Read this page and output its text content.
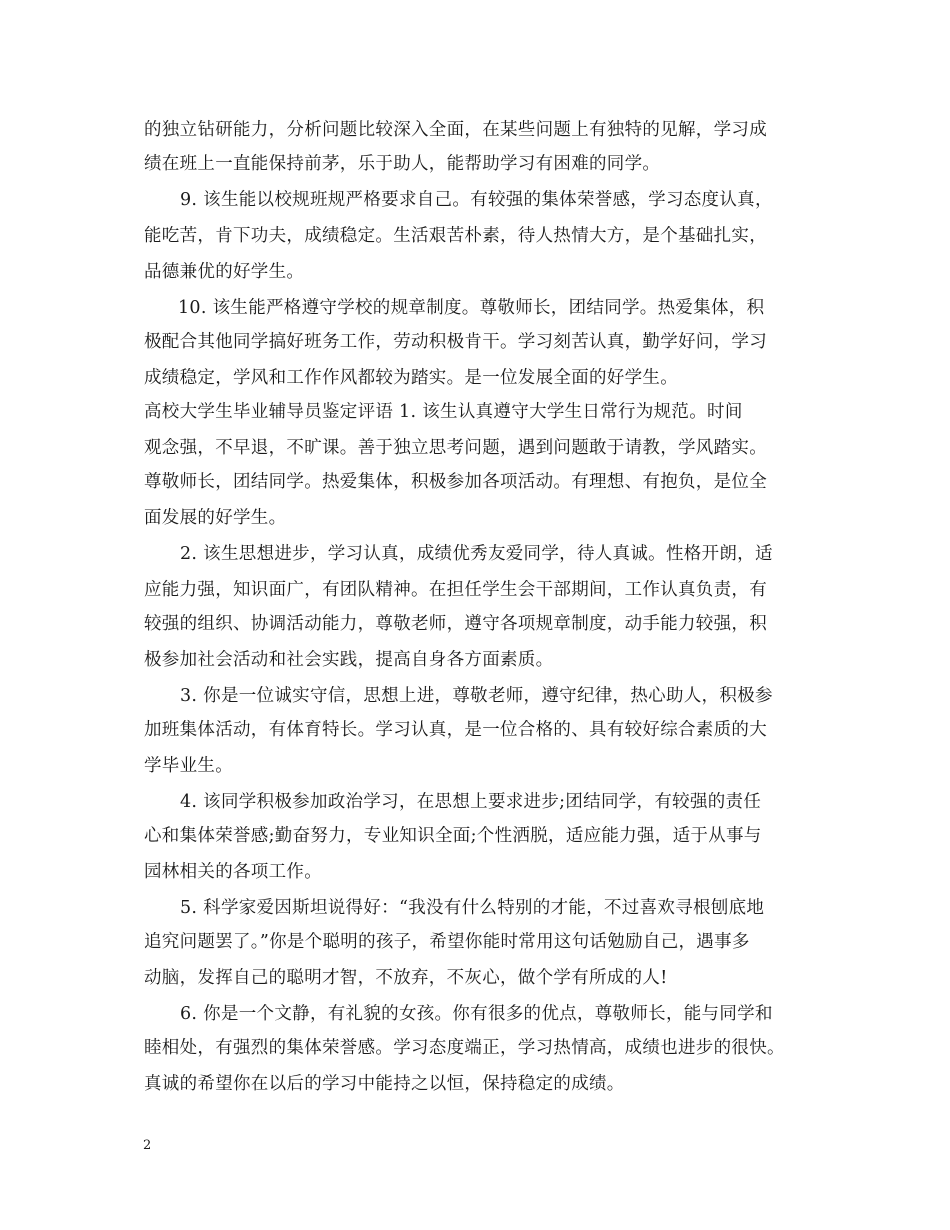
的独立钻研能力，分析问题比较深入全面，在某些问题上有独特的见解，学习成
绩在班上一直能保持前茅，乐于助人，能帮助学习有困难的同学。
9. 该生能以校规班规严格要求自己。有较强的集体荣誉感，学习态度认真，
能吃苦，肯下功夫，成绩稳定。生活艰苦朴素，待人热情大方，是个基础扎实，
品德兼优的好学生。
10. 该生能严格遵守学校的规章制度。尊敬师长，团结同学。热爱集体，积
极配合其他同学搞好班务工作，劳动积极肯干。学习刻苦认真，勤学好问，学习
成绩稳定，学风和工作作风都较为踏实。是一位发展全面的好学生。
高校大学生毕业辅导员鉴定评语 1. 该生认真遵守大学生日常行为规范。时间
观念强，不早退，不旷课。善于独立思考问题，遇到问题敢于请教，学风踏实。
尊敬师长，团结同学。热爱集体，积极参加各项活动。有理想、有抱负，是位全
面发展的好学生。
2. 该生思想进步，学习认真，成绩优秀友爱同学，待人真诚。性格开朗，适
应能力强，知识面广，有团队精神。在担任学生会干部期间，工作认真负责，有
较强的组织、协调活动能力，尊敬老师，遵守各项规章制度，动手能力较强，积
极参加社会活动和社会实践，提高自身各方面素质。
3. 你是一位诚实守信，思想上进，尊敬老师，遵守纪律，热心助人，积极参
加班集体活动，有体育特长。学习认真，是一位合格的、具有较好综合素质的大
学毕业生。
4. 该同学积极参加政治学习，在思想上要求进步;团结同学，有较强的责任
心和集体荣誉感;勤奋努力，专业知识全面;个性洒脱，适应能力强，适于从事与
园林相关的各项工作。
5. 科学家爱因斯坦说得好：“我没有什么特别的才能，不过喜欢寻根刨底地
追究问题罢了。”你是个聪明的孩子，希望你能时常用这句话勉励自己，遇事多
动脑，发挥自己的聪明才智，不放弃，不灰心，做个学有所成的人!
6. 你是一个文静，有礼貌的女孩。你有很多的优点，尊敬师长，能与同学和
睦相处，有强烈的集体荣誉感。学习态度端正，学习热情高，成绩也进步的很快。
真诚的希望你在以后的学习中能持之以恒，保持稳定的成绩。
2
